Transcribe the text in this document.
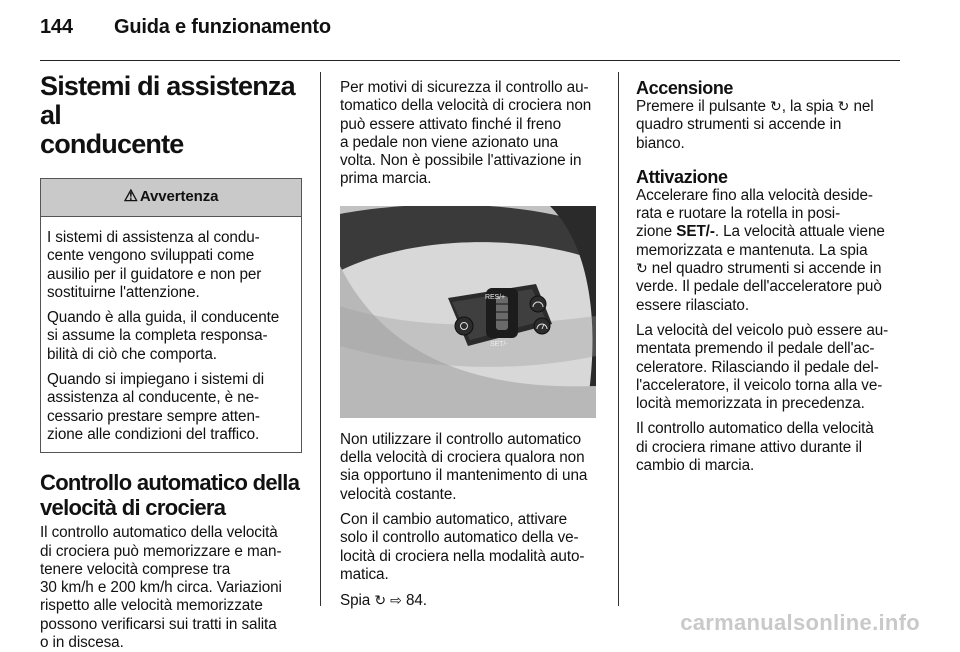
144 Guida e funzionamento
Sistemi di assistenza al
conducente
⚠ Avvertenza

I sistemi di assistenza al condu-
cente vengono sviluppati come
ausilio per il guidatore e non per
sostituirne l'attenzione.

Quando è alla guida, il conducente
si assume la completa responsa-
bilità di ciò che comporta.

Quando si impiegano i sistemi di
assistenza al conducente, è ne-
cessario prestare sempre atten-
zione alle condizioni del traffico.

Controllo automatico della
velocità di crociera

Il controllo automatico della velocità
di crociera può memorizzare e man-
tenere velocità comprese tra
30 km/h e 200 km/h circa. Variazioni
rispetto alle velocità memorizzate
possono verificarsi sui tratti in salita
o in discesa.

Per motivi di sicurezza il controllo au-
tomatico della velocità di crociera non
può essere attivato finché il freno
a pedale non viene azionato una
volta. Non è possibile l'attivazione in
prima marcia.

RES/+
SET/-

Non utilizzare il controllo automatico
della velocità di crociera qualora non
sia opportuno il mantenimento di una
velocità costante.

Con il cambio automatico, attivare
solo il controllo automatico della ve-
locità di crociera nella modalità auto-
matica.

Spia ↻ ⇨ 84.

Accensione

Premere il pulsante ↻, la spia ↻ nel
quadro strumenti si accende in
bianco.

Attivazione

Accelerare fino alla velocità deside-
rata e ruotare la rotella in posi-
zione SET/-. La velocità attuale viene
memorizzata e mantenuta. La spia
↻ nel quadro strumenti si accende in
verde. Il pedale dell'acceleratore può
essere rilasciato.

La velocità del veicolo può essere au-
mentata premendo il pedale dell'ac-
celeratore. Rilasciando il pedale del-
l'acceleratore, il veicolo torna alla ve-
locità memorizzata in precedenza.

Il controllo automatico della velocità
di crociera rimane attivo durante il
cambio di marcia.

carmanualsonline.info
